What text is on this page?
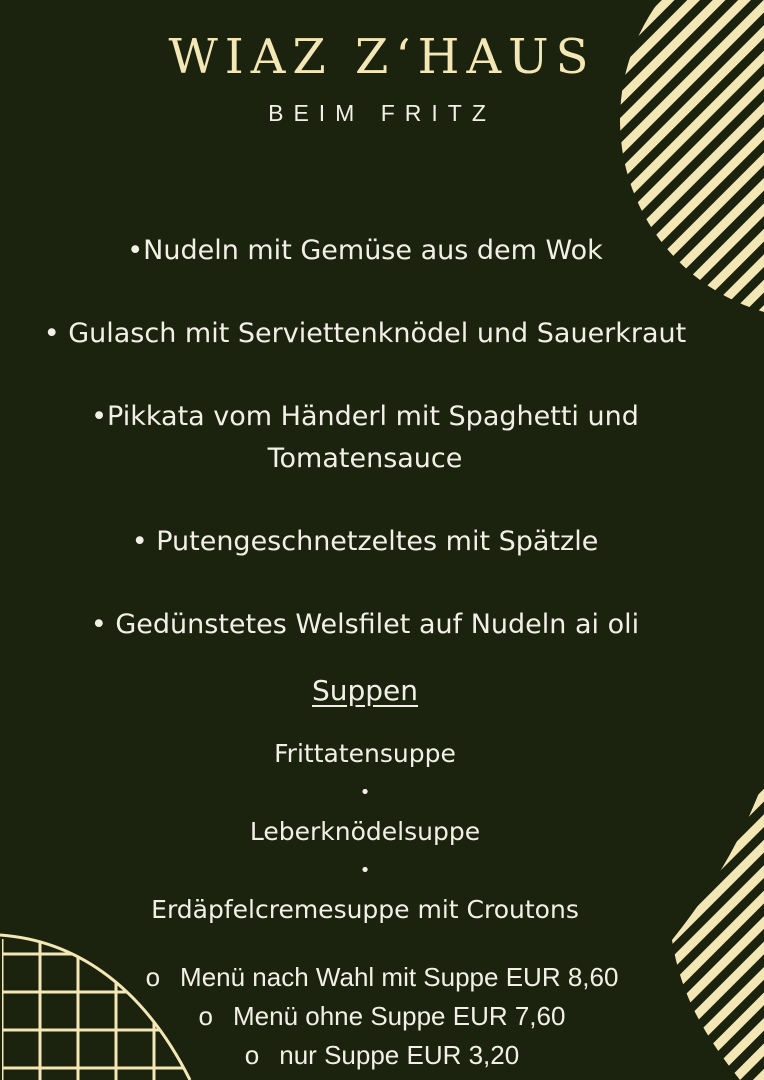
WIAZ Z‘HAUS
BEIM FRITZ
•Nudeln mit Gemüse aus dem Wok
• Gulasch mit Serviettenknödel und Sauerkraut
•Pikkata vom Händerl mit Spaghetti und Tomatensauce
• Putengeschnetzeltes mit Spätzle
• Gedünstetes Welsfilet auf Nudeln ai oli
Suppen
Frittatensuppe
•
Leberknödelsuppe
•
Erdäpfelcremesuppe mit Croutons
o Menü nach Wahl mit Suppe EUR 8,60
o Menü ohne Suppe EUR 7,60
o nur Suppe EUR 3,20
